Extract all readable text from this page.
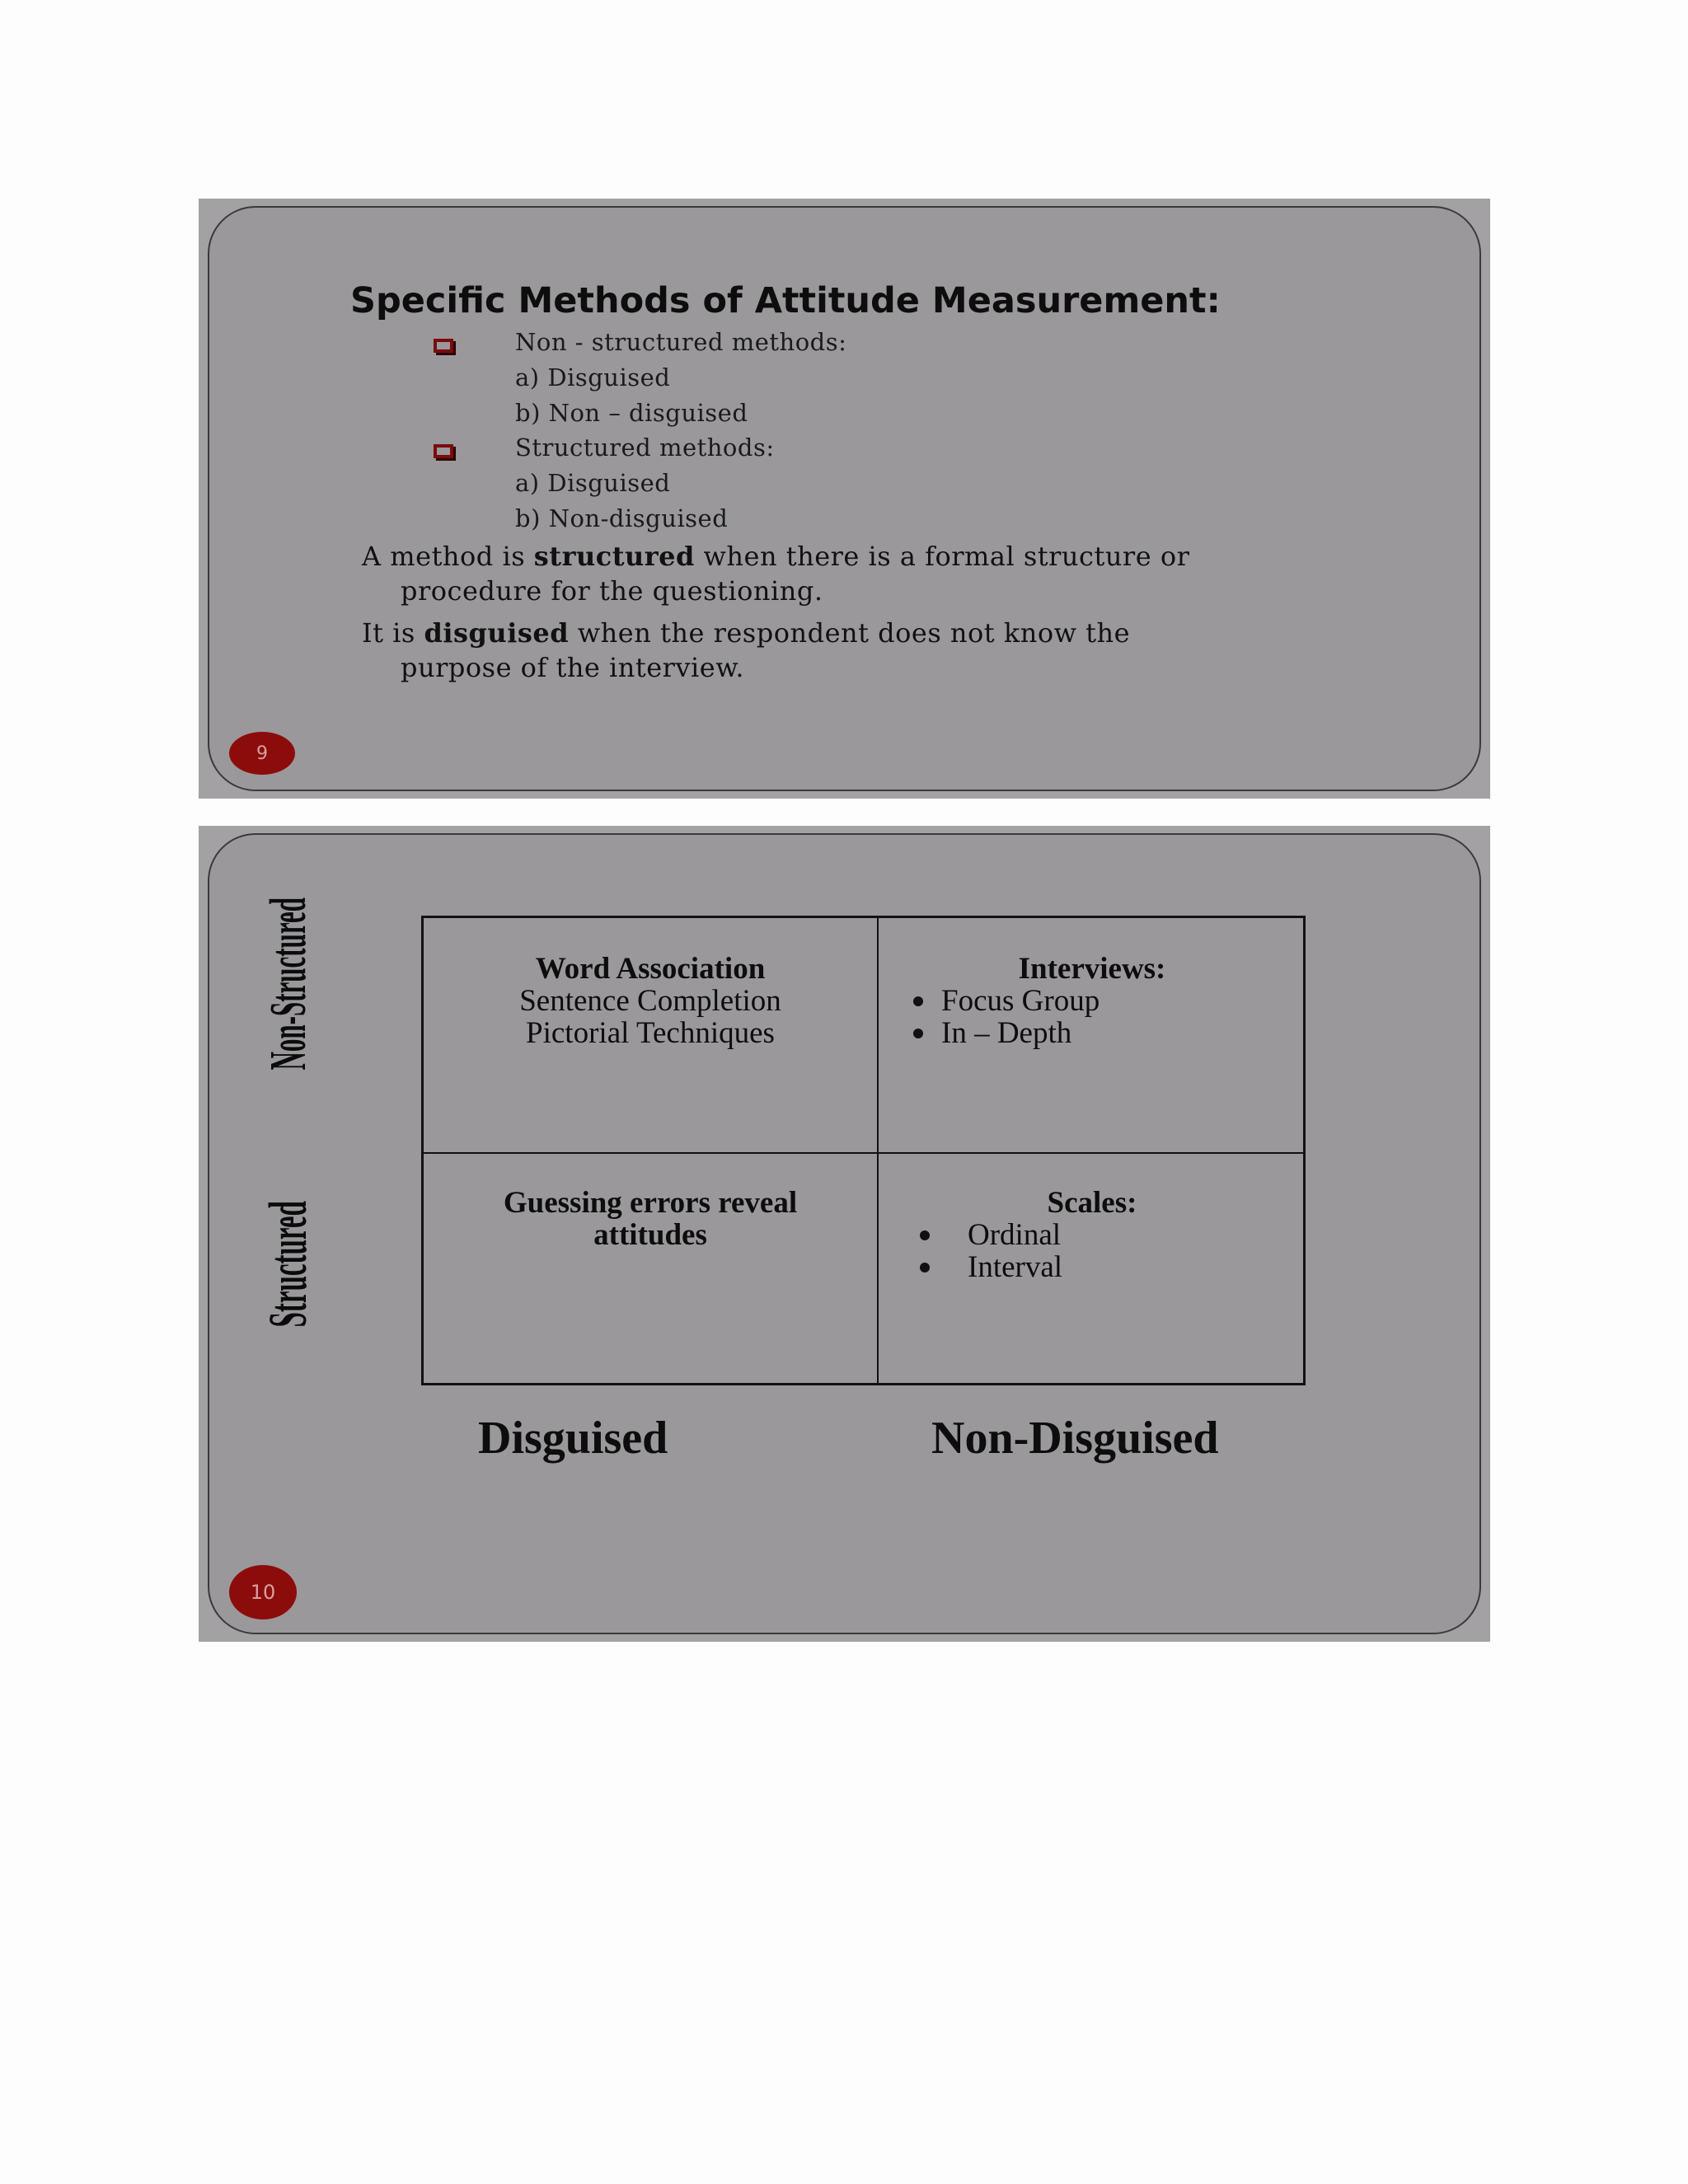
Specific Methods of Attitude Measurement:
Non - structured methods:
a) Disguised
b) Non – disguised
Structured methods:
a) Disguised
b) Non-disguised
A method is structured when there is a formal structure or
procedure for the questioning.
It is disguised when the respondent does not know the
purpose of the interview.
9
Non-Structured
Structured
Word Association
Sentence Completion
Pictorial Techniques
Interviews:
Focus Group
In – Depth
Guessing errors reveal
attitudes
Scales:
Ordinal
Interval
Disguised	Non-Disguised
10
